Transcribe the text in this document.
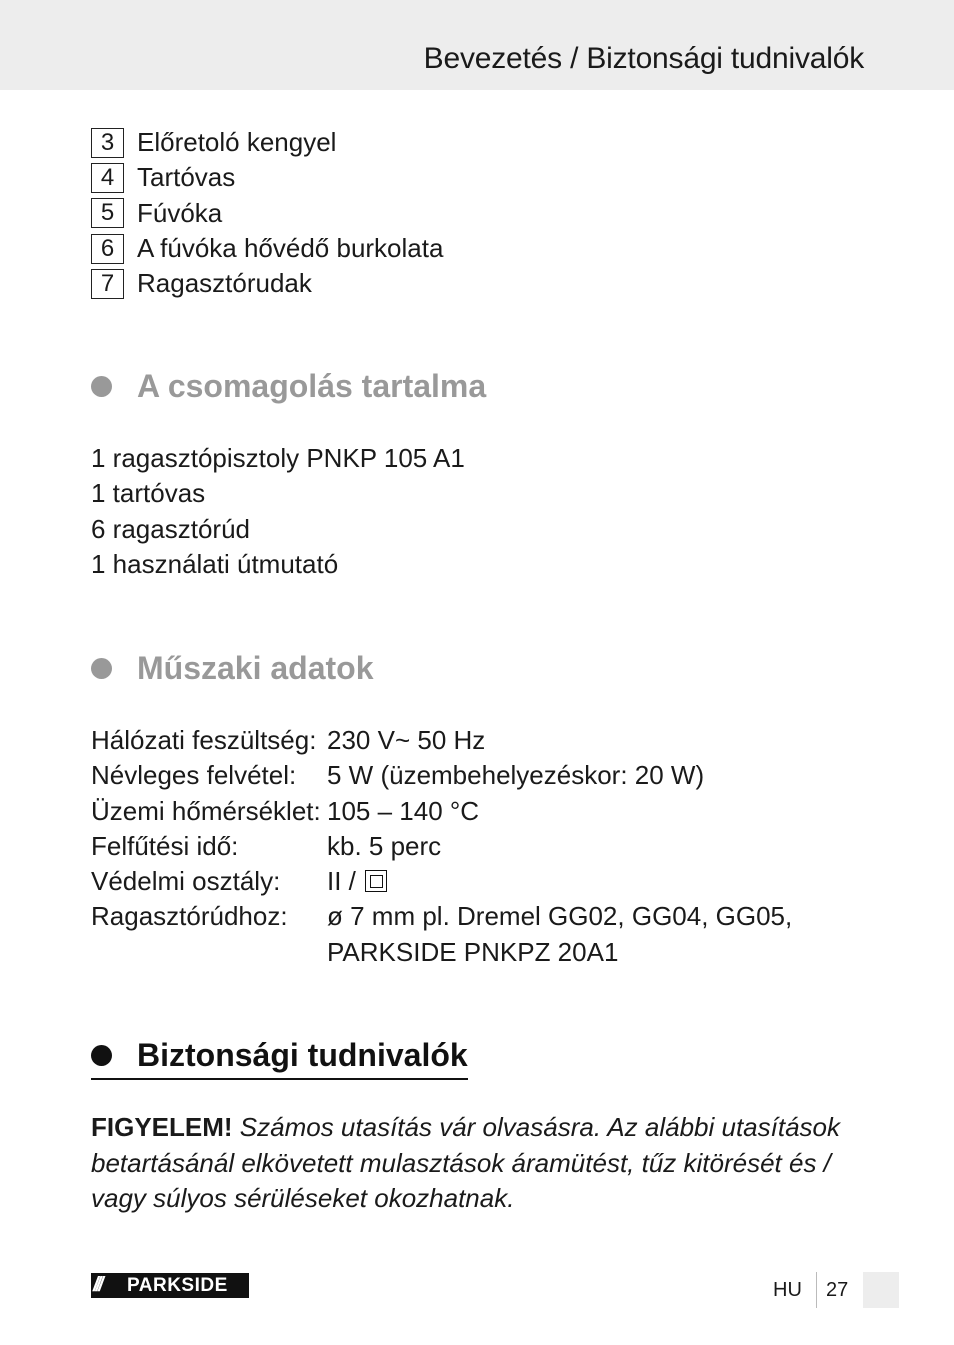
Bevezetés / Biztonsági tudnivalók
3 Előretoló kengyel
4 Tartóvas
5 Fúvóka
6 A fúvóka hővédő burkolata
7 Ragasztórudak
A csomagolás tartalma
1 ragasztópisztoly PNKP 105 A1
1 tartóvas
6 ragasztórúd
1 használati útmutató
Műszaki adatok
Hálózati feszültség: 230 V~ 50 Hz
Névleges felvétel:	5 W (üzembehelyezéskor: 20 W)
Üzemi hőmérséklet: 105 – 140 °C
Felfűtési idő:	kb. 5 perc
Védelmi osztály:	II /
Ragasztórúdhoz:	ø 7 mm pl. Dremel GG02, GG04, GG05,
PARKSIDE PNKPZ 20A1
Biztonsági tudnivalók
FIGYELEM! Számos utasítás vár olvasásra. Az alábbi utasítások betartásánál elkövetett mulasztások áramütést, tűz kitörését és / vagy súlyos sérüléseket okozhatnak.
///	PARKSIDE	HU 27
